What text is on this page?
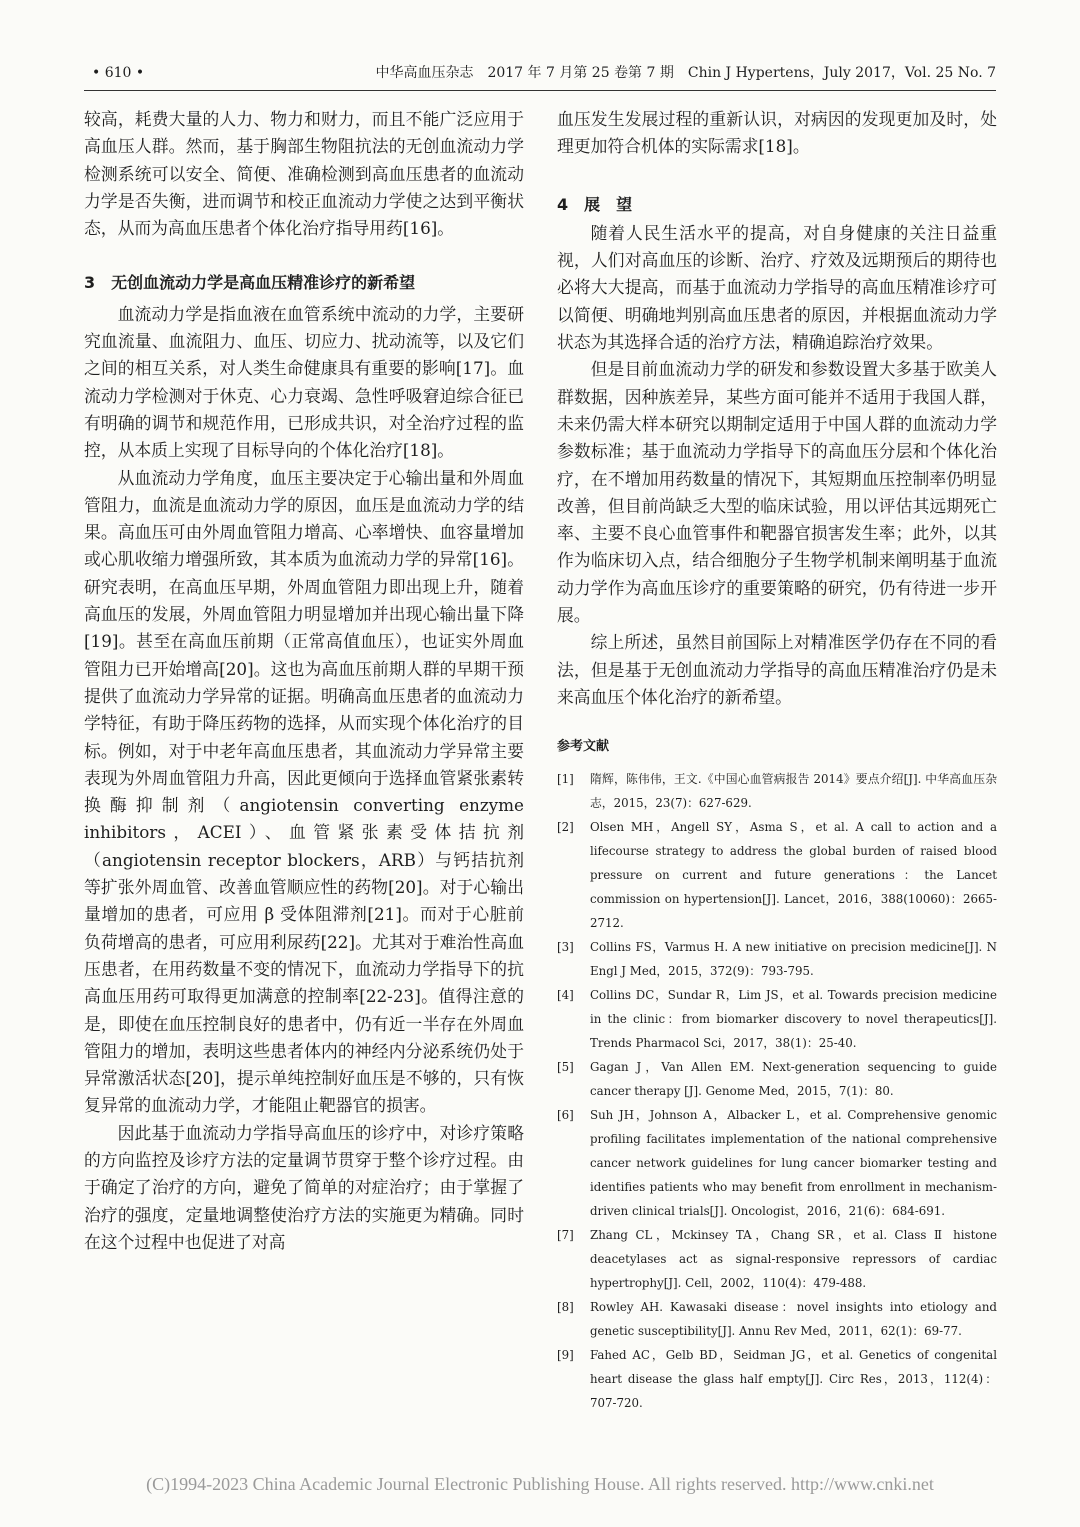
• 610 •	中华高血压杂志　2017 年 7 月第 25 卷第 7 期　Chin J Hypertens，July 2017，Vol. 25 No. 7

较高，耗费大量的人力、物力和财力，而且不能广泛应用于高血压人群。然而，基于胸部生物阻抗法的无创血流动力学检测系统可以安全、简便、准确检测到高血压患者的血流动力学是否失衡，进而调节和校正血流动力学使之达到平衡状态，从而为高血压患者个体化治疗指导用药[16]。

3　无创血流动力学是高血压精准诊疗的新希望

血流动力学是指血液在血管系统中流动的力学，主要研究血流量、血流阻力、血压、切应力、扰动流等，以及它们之间的相互关系，对人类生命健康具有重要的影响[17]。血流动力学检测对于休克、心力衰竭、急性呼吸窘迫综合征已有明确的调节和规范作用，已形成共识，对全治疗过程的监控，从本质上实现了目标导向的个体化治疗[18]。

从血流动力学角度，血压主要决定于心输出量和外周血管阻力，血流是血流动力学的原因，血压是血流动力学的结果。高血压可由外周血管阻力增高、心率增快、血容量增加或心肌收缩力增强所致，其本质为血流动力学的异常[16]。研究表明，在高血压早期，外周血管阻力即出现上升，随着高血压的发展，外周血管阻力明显增加并出现心输出量下降[19]。甚至在高血压前期（正常高值血压），也证实外周血管阻力已开始增高[20]。这也为高血压前期人群的早期干预提供了血流动力学异常的证据。明确高血压患者的血流动力学特征，有助于降压药物的选择，从而实现个体化治疗的目标。例如，对于中老年高血压患者，其血流动力学异常主要表现为外周血管阻力升高，因此更倾向于选择血管紧张素转换酶抑制剂（angiotensin converting enzyme inhibitors，ACEI）、血管紧张素受体拮抗剂（angiotensin receptor blockers，ARB）与钙拮抗剂等扩张外周血管、改善血管顺应性的药物[20]。对于心输出量增加的患者，可应用 β 受体阻滞剂[21]。而对于心脏前负荷增高的患者，可应用利尿药[22]。尤其对于难治性高血压患者，在用药数量不变的情况下，血流动力学指导下的抗高血压用药可取得更加满意的控制率[22-23]。值得注意的是，即使在血压控制良好的患者中，仍有近一半存在外周血管阻力的增加，表明这些患者体内的神经内分泌系统仍处于异常激活状态[20]，提示单纯控制好血压是不够的，只有恢复异常的血流动力学，才能阻止靶器官的损害。

因此基于血流动力学指导高血压的诊疗中，对诊疗策略的方向监控及诊疗方法的定量调节贯穿于整个诊疗过程。由于确定了治疗的方向，避免了简单的对症治疗；由于掌握了治疗的强度，定量地调整使治疗方法的实施更为精确。同时在这个过程中也促进了对高

血压发生发展过程的重新认识，对病因的发现更加及时，处理更加符合机体的实际需求[18]。

4　展　望

随着人民生活水平的提高，对自身健康的关注日益重视，人们对高血压的诊断、治疗、疗效及远期预后的期待也必将大大提高，而基于血流动力学指导的高血压精准诊疗可以简便、明确地判别高血压患者的原因，并根据血流动力学状态为其选择合适的治疗方法，精确追踪治疗效果。

但是目前血流动力学的研发和参数设置大多基于欧美人群数据，因种族差异，某些方面可能并不适用于我国人群，未来仍需大样本研究以期制定适用于中国人群的血流动力学参数标准；基于血流动力学指导下的高血压分层和个体化治疗，在不增加用药数量的情况下，其短期血压控制率仍明显改善，但目前尚缺乏大型的临床试验，用以评估其远期死亡率、主要不良心血管事件和靶器官损害发生率；此外，以其作为临床切入点，结合细胞分子生物学机制来阐明基于血流动力学作为高血压诊疗的重要策略的研究，仍有待进一步开展。

综上所述，虽然目前国际上对精准医学仍存在不同的看法，但是基于无创血流动力学指导的高血压精准治疗仍是未来高血压个体化治疗的新希望。

参考文献
[1]	隋辉，陈伟伟，王文.《中国心血管病报告 2014》要点介绍[J]. 中华高血压杂志，2015，23(7)：627-629.
[2]	Olsen MH，Angell SY，Asma S，et al. A call to action and a lifecourse strategy to address the global burden of raised blood pressure on current and future generations：the Lancet commission on hypertension[J]. Lancet，2016，388(10060)：2665-2712.
[3]	Collins FS，Varmus H. A new initiative on precision medicine[J]. N Engl J Med，2015，372(9)：793-795.
[4]	Collins DC，Sundar R，Lim JS，et al. Towards precision medicine in the clinic：from biomarker discovery to novel therapeutics[J]. Trends Pharmacol Sci，2017，38(1)：25-40.
[5]	Gagan J，Van Allen EM. Next-generation sequencing to guide cancer therapy [J]. Genome Med，2015，7(1)：80.
[6]	Suh JH，Johnson A，Albacker L，et al. Comprehensive genomic profiling facilitates implementation of the national comprehensive cancer network guidelines for lung cancer biomarker testing and identifies patients who may benefit from enrollment in mechanism-driven clinical trials[J]. Oncologist，2016，21(6)：684-691.
[7]	Zhang CL，Mckinsey TA，Chang SR，et al. Class Ⅱ histone deacetylases act as signal-responsive repressors of cardiac hypertrophy[J]. Cell，2002，110(4)：479-488.
[8]	Rowley AH. Kawasaki disease：novel insights into etiology and genetic susceptibility[J]. Annu Rev Med，2011，62(1)：69-77.
[9]	Fahed AC，Gelb BD，Seidman JG，et al. Genetics of congenital heart disease the glass half empty[J]. Circ Res，2013，112(4)：707-720.
(C)1994-2023 China Academic Journal Electronic Publishing House. All rights reserved. http://www.cnki.net
